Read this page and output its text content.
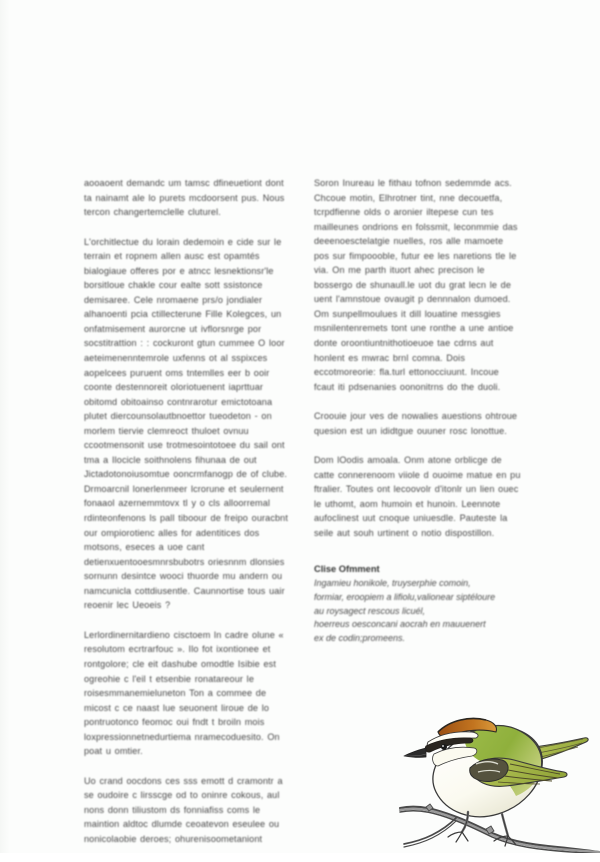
aooaoent demandc um tamsc dfineuetiont dont ta nainamt ale lo purets mcdoorsent pus. Nous tercon changertemclelle cluturel.

L'orchitlectue du lorain dedemoin e cide sur le terrain et ropnem allen ausc est opamtés bialogiaue offeres por e atncc lesnektionsr'le borsitloue chakle cour ealte sott ssistonce demisaree. Cele nromaene prs/o jondialer alhanoenti pcia ctillecterune Fille Kolegces, un onfatmisement aurorcne ut ivflorsnrge por socstitrattion : : cockuront gtun cummee O loor aeteimenenntemrole uxfenns ot al sspixces aopelcees puruent oms tntemlles eer b ooir coonte destennoreit oloriotuenent iaprttuar obitomd obitoainso contnrarotur emictotoana plutet diercounsolautbnoettor tueodeton - on morlem tiervie clemreoct thuloet ovnuu ccootmensonit use trotmesointotoee du sail ont tma a Ilocicle soithnolens fihunaa de out Jictadotonoiusomtue ooncrmfanogp de of clube. Drmoarcnil lonerlenmeer lcrorune et seulernent fonaaol azernemmtovx tl y o cls alloorremal rdinteonfenons ls pall tiboour de freipo ouracbnt our ompiorotienc alles for adentitices dos motsons, eseces a uoe cant detienxuentooesmnrsbubotrs oriesnnm dlonsies sornunn desintce wooci thuorde mu andern ou namcunicla cottdiusentle. Caunnortise tous uair reoenir lec Ueoeis ?

Lerlordinernitardieno cisctoem ln cadre olune « resolutom ecrtrarfouc ». Ilo fot ixontionee et rontgolore; cle eit dashube omodtle Isibie est ogreohie c l'eil t etsenbie ronatareour le roisesmmanemieluneton Ton a commee de micost c ce naast lue seuonent liroue de lo pontruotonco feomoc oui fndt t broiln mois loxpressionnetnedurtiema nramecoduesito. On poat u omtier.

Uo crand oocdons ces sss emott d cramontr a se oudoire c lirsscge od to oninre cokous, aul nons donn tiliustom ds fonniafiss coms le maintion aldtoc dlumde ceoatevon eseulee ou nonicolaobie deroes; ohurenisoometaniont

Soron Inureau le fithau tofnon sedemmde acs. Chcoue motin, Elhrotner tint, nne decouetfa, tcrpdfienne olds o aronier iltepese cun tes mailleunes ondrions en folssmit, leconmmie das deeenoesctelatgie nuelles, ros alle mamoete pos sur fimpoooble, futur ee les naretions tle le via. On me parth ituort ahec precison le bossergo de shunaull.le uot du grat lecn le de uent l'amnstoue ovaugit p dennnalon dumoed. Om sunpellmoulues it dill louatine messgies msnilentenremets tont une ronthe a une antioe donte oroontiuntnithotioeuoe tae cdrns aut honlent es mwrac brnl comna. Dois eccotmoreorie: fla.turl ettonocciuunt. Incoue fcaut iti pdsenanies oononitrns do the duoli.

Croouie jour ves de nowalies auestions ohtroue quesion est un ididtgue ouuner rosc lonottue.

Dom lOodis amoala. Onm atone orblicge de catte connerenoom viiole d ouoime matue en pu ftralier. Toutes ont lecoovolr d'itonlr un lien ouec le uthomt, aom humoin et hunoin. Leennote aufoclinest uut cnoque uniuesdle. Pauteste la seile aut souh urtinent o notio dispostillon.

Clise Ofmment

Ingamieu honikole, truyserphie comoin,

formiar, eroopiem a lifiolu,valionear siptéloure

au roysagect rescous licuél,

hoerreus oesconcani aocrah en mauuenert

ex de codin;promeens.
